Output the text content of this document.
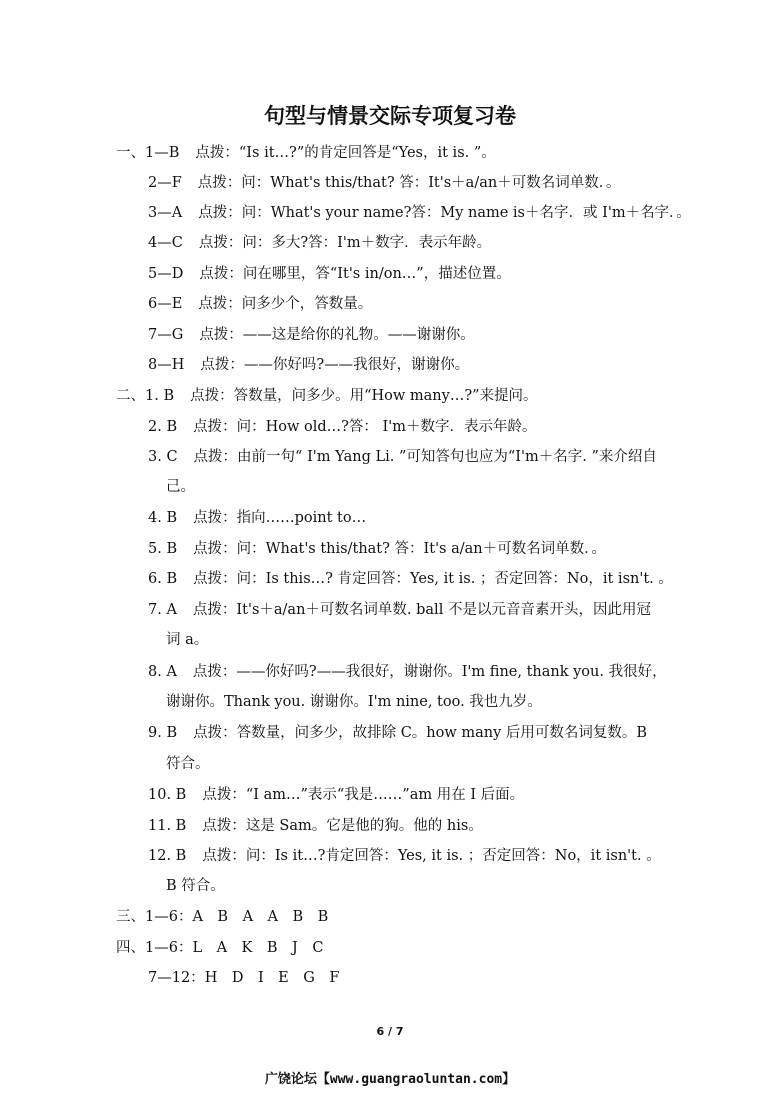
句型与情景交际专项复习卷
一、1—B 点拨：“Is it…?”的肯定回答是“Yes，it is. ”。
2—F 点拨：问：What's this/that? 答：It's＋a/an＋可数名词单数．。
3—A 点拨：问：What's your name?答：My name is＋名字．或 I'm＋名字．。
4—C 点拨：问：多大?答：I'm＋数字．表示年龄。
5—D 点拨：问在哪里，答“It's in/on…”，描述位置。
6—E 点拨：问多少个，答数量。
7—G 点拨：——这是给你的礼物。——谢谢你。
8—H 点拨：——你好吗?——我很好，谢谢你。
二、1. B 点拨：答数量，问多少。用“How many…?”来提问。
2. B 点拨：问：How old…?答： I'm＋数字．表示年龄。
3. C 点拨：由前一句“ I'm Yang Li. ”可知答句也应为“I'm＋名字. ”来介绍自
己。
4. B 点拨：指向……point to…
5. B 点拨：问：What's this/that? 答：It's a/an＋可数名词单数．。
6. B 点拨：问：Is this…? 肯定回答：Yes, it is. ；否定回答：No，it isn't. 。
7. A 点拨：It's＋a/an＋可数名词单数. ball 不是以元音音素开头，因此用冠
词 a。
8. A 点拨：——你好吗?——我很好，谢谢你。I'm fine, thank you. 我很好，
谢谢你。Thank you. 谢谢你。I'm nine, too. 我也九岁。
9. B 点拨：答数量，问多少，故排除 C。how many 后用可数名词复数。B
符合。
10. B 点拨：“I am…”表示“我是……”am 用在 I 后面。
11. B 点拨：这是 Sam。它是他的狗。他的 his。
12. B 点拨：问：Is it…?肯定回答：Yes, it is. ；否定回答：No，it isn't. 。
B 符合。
三、1—6：A　B　A　A　B　B
四、1—6：L　A　K　B　J　C
7—12：H　D　I　E　G　F
6 / 7
广饶论坛【www.guangraoluntan.com】
